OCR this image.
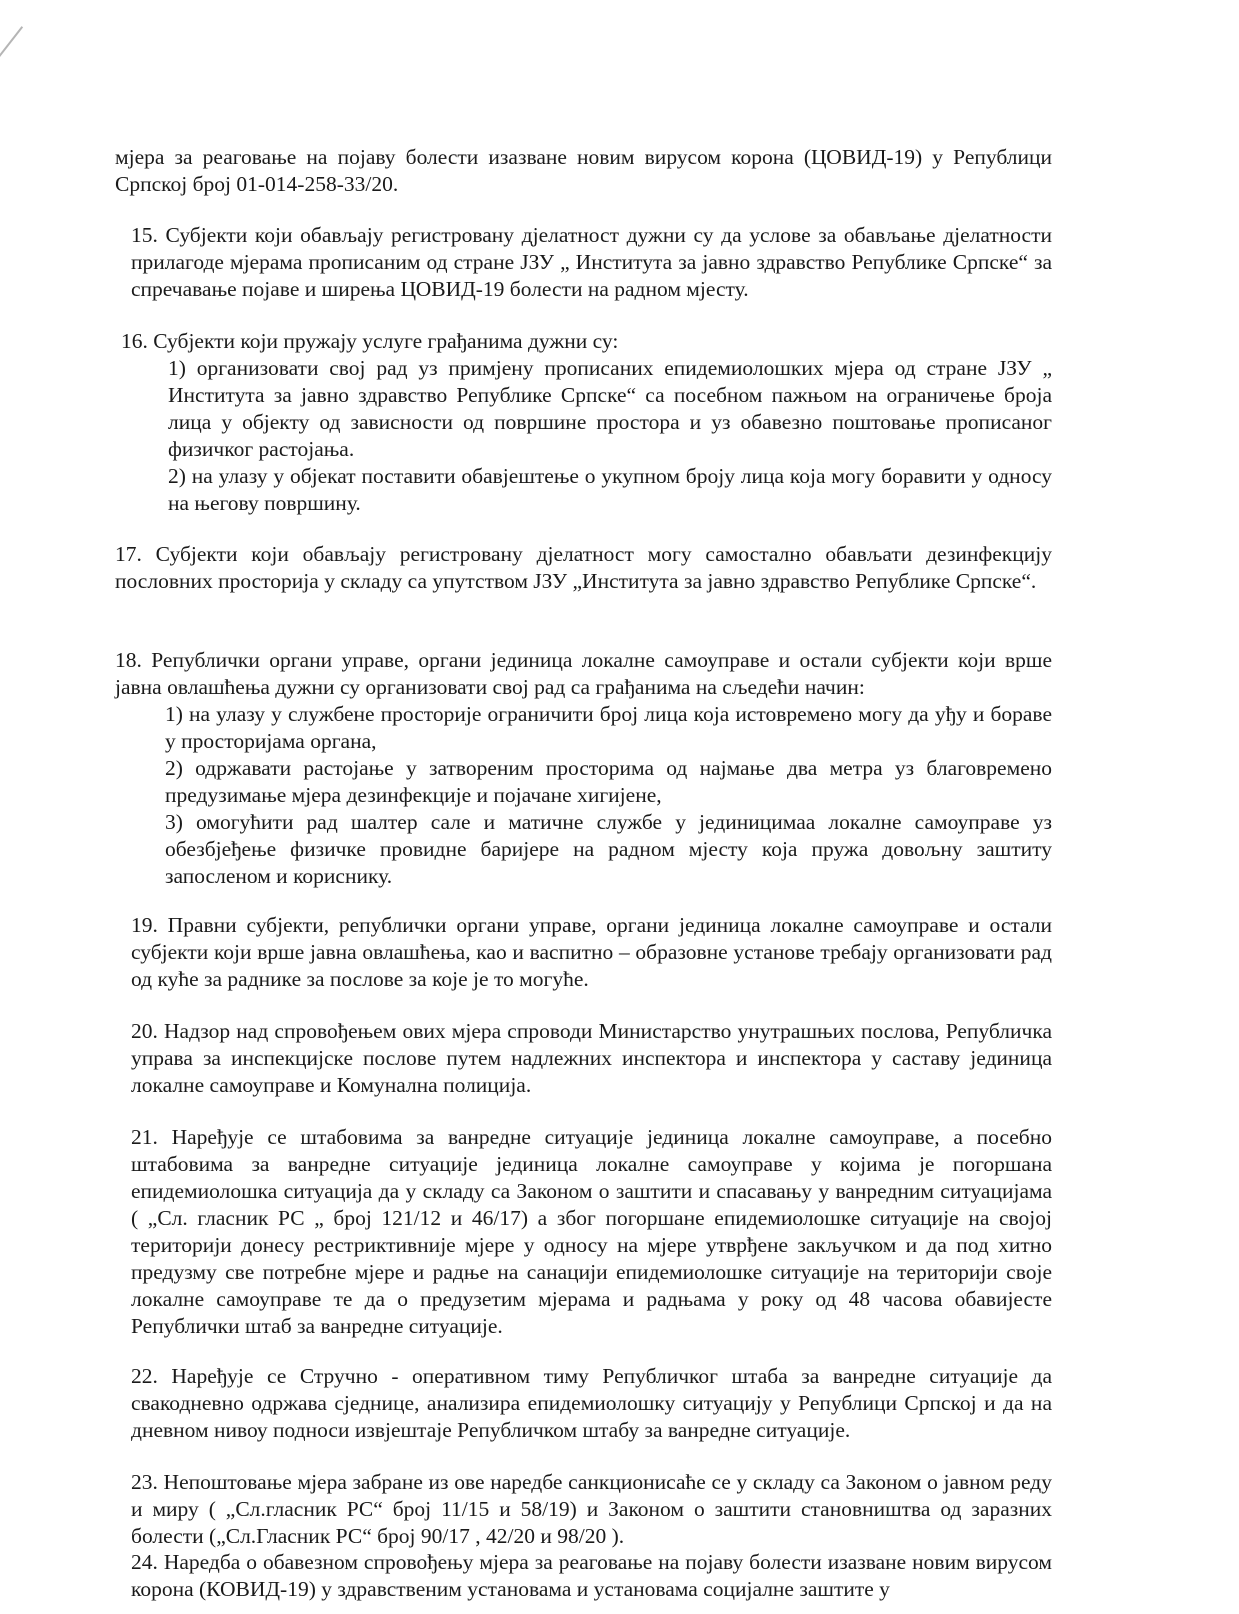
мјера за реаговање на појаву болести изазване новим вирусом корона (ЦОВИД-19) у Републици Српској број 01-014-258-33/20.

15. Субјекти који обављају регистровану дјелатност дужни су да услове за обављање дјелатности прилагоде мјерама прописаним од стране ЈЗУ „ Института за јавно здравство Републике Српске“ за спречавање појаве и ширења ЦОВИД-19 болести на радном мјесту.

16. Субјекти који пружају услуге грађанима дужни су:
1) организовати свој рад уз примјену прописаних епидемиолошких мјера од стране ЈЗУ „ Института за јавно здравство Републике Српске“ са посебном пажњом на ограничење броја лица у објекту од зависности од површине простора и уз обавезно поштовање прописаног физичког растојања.
2) на улазу у објекат поставити обавјештење о укупном броју лица која могу боравити у односу на његову површину.

17. Субјекти који обављају регистровану дјелатност могу самостално обављати дезинфекцију пословних просторија у складу са упутством ЈЗУ „Института за јавно здравство Републике Српске“.

18. Републички органи управе, органи јединица локалне самоуправе и остали субјекти који врше јавна овлашћења дужни су организовати свој рад са грађанима на сљедећи начин:
1) на улазу у службене просторије ограничити број лица која истовремено могу да уђу и бораве у просторијама органа,
2) одржавати растојање у затвореним просторима од најмање два метра уз благовремено предузимање мјера дезинфекције и појачане хигијене,
3) омогућити рад шалтер сале и матичне службе у јединицимаа локалне самоуправе уз обезбјеђење физичке провидне баријере на радном мјесту која пружа довољну заштиту запосленом и кориснику.

19. Правни субјекти, републички органи управе, органи јединица локалне самоуправе и остали субјекти који врше јавна овлашћења, као и васпитно – образовне установе требају организовати рад од куће за раднике за послове за које је то могуће.

20. Надзор над спровођењем ових мјера спроводи Министарство унутрашњих послова, Републичка управа за инспекцијске послове путем надлежних инспектора и инспектора у саставу јединица локалне самоуправе и Комунална полиција.

21. Наређује се штабовима за ванредне ситуације јединица локалне самоуправе, а посебно штабовима за ванредне ситуације јединица локалне самоуправе у којима је погоршана епидемиолошка ситуација да у складу са Законом о заштити и спасавању у ванредним ситуацијама ( „Сл. гласник РС „ број 121/12 и 46/17) а због погоршане епидемиолошке ситуације на својој територији донесу рестриктивније мјере у односу на мјере утврђене закључком и да под хитно предузму све потребне мјере и радње на санацији епидемиолошке ситуације на територији своје локалне самоуправе те да о предузетим мјерама и радњама у року од 48 часова обавијесте Републички штаб за ванредне ситуације.

22. Наређује се Стручно - оперативном тиму Републичког штаба за ванредне ситуације да свакодневно одржава сједнице, анализира епидемиолошку ситуацију у Републици Српској и да на дневном нивоу подноси извјештаје Републичком штабу за ванредне ситуације.

23. Непоштовање мјера забране из ове наредбе санкционисаће се у складу са Законом о јавном реду и миру ( „Сл.гласник РС“ број 11/15 и 58/19) и Законом о заштити становништва од заразних болести („Сл.Гласник РС“ број 90/17 , 42/20 и 98/20 ).

24. Наредба о обавезном спровођењу мјера за реаговање на појаву болести изазване новим вирусом корона (КОВИД-19) у здравственим установама и установама социјалне заштите у
